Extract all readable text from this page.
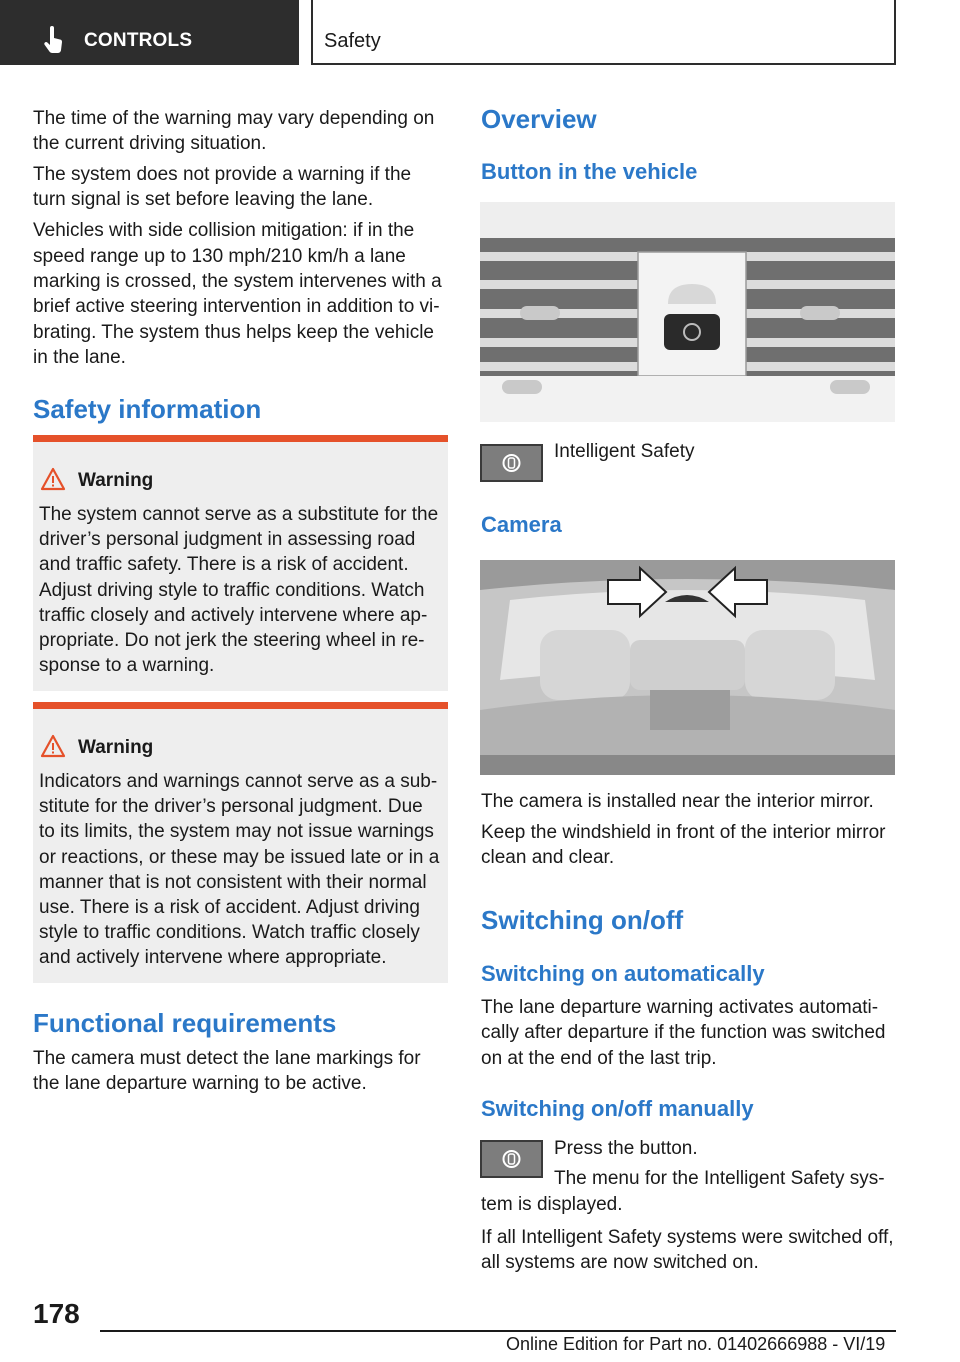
CONTROLS	Safety
The time of the warning may vary depending on
the current driving situation.
The system does not provide a warning if the
turn signal is set before leaving the lane.
Vehicles with side collision mitigation: if in the
speed range up to 130 mph/210 km/h a lane
marking is crossed, the system intervenes with a
brief active steering intervention in addition to vi‐
brating. The system thus helps keep the vehicle
in the lane.
Safety information
Warning
The system cannot serve as a substitute for the
driver’s personal judgment in assessing road
and traffic safety. There is a risk of accident.
Adjust driving style to traffic conditions. Watch
traffic closely and actively intervene where ap‐
propriate. Do not jerk the steering wheel in re‐
sponse to a warning.
Warning
Indicators and warnings cannot serve as a sub‐
stitute for the driver’s personal judgment. Due
to its limits, the system may not issue warnings
or reactions, or these may be issued late or in a
manner that is not consistent with their normal
use. There is a risk of accident. Adjust driving
style to traffic conditions. Watch traffic closely
and actively intervene where appropriate.
Functional requirements
The camera must detect the lane markings for
the lane departure warning to be active.
Overview
Button in the vehicle
Intelligent Safety
Camera
The camera is installed near the interior mirror.
Keep the windshield in front of the interior mirror
clean and clear.
Switching on/off
Switching on automatically
The lane departure warning activates automati‐
cally after departure if the function was switched
on at the end of the last trip.
Switching on/off manually
Press the button.
The menu for the Intelligent Safety sys‐
tem is displayed.
If all Intelligent Safety systems were switched off,
all systems are now switched on.
178
Online Edition for Part no. 01402666988 - VI/19
